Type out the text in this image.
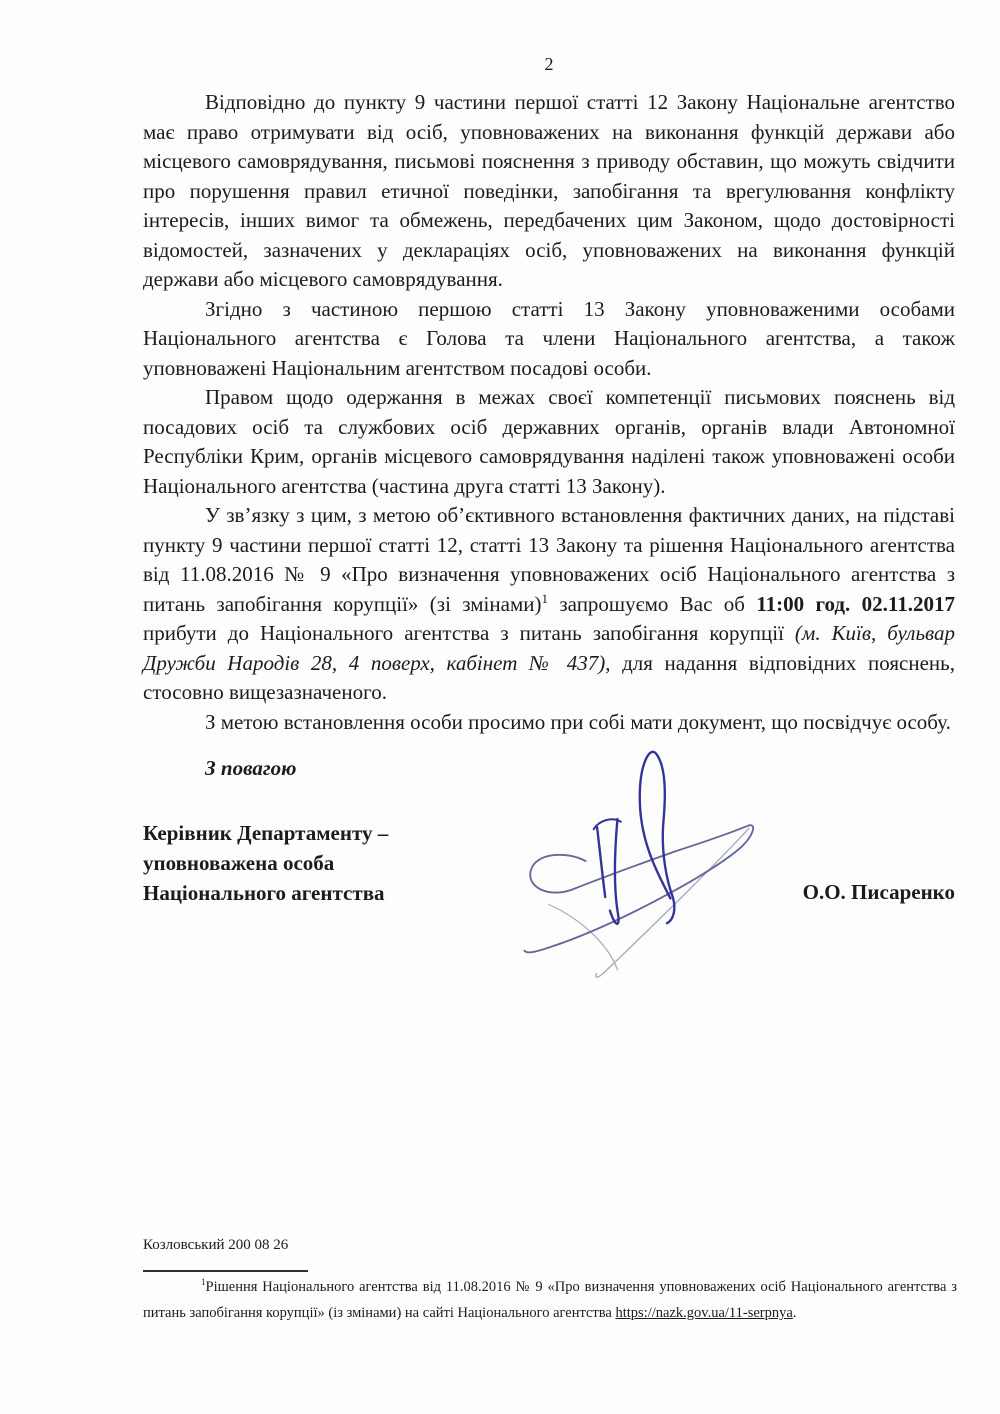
2

Відповідно до пункту 9 частини першої статті 12 Закону Національне агентство має право отримувати від осіб, уповноважених на виконання функцій держави або місцевого самоврядування, письмові пояснення з приводу обставин, що можуть свідчити про порушення правил етичної поведінки, запобігання та врегулювання конфлікту інтересів, інших вимог та обмежень, передбачених цим Законом, щодо достовірності відомостей, зазначених у деклараціях осіб, уповноважених на виконання функцій держави або місцевого самоврядування.

Згідно з частиною першою статті 13 Закону уповноваженими особами Національного агентства є Голова та члени Національного агентства, а також уповноважені Національним агентством посадові особи.

Правом щодо одержання в межах своєї компетенції письмових пояснень від посадових осіб та службових осіб державних органів, органів влади Автономної Республіки Крим, органів місцевого самоврядування наділені також уповноважені особи Національного агентства (частина друга статті 13 Закону).

У зв’язку з цим, з метою об’єктивного встановлення фактичних даних, на підставі пункту 9 частини першої статті 12, статті 13 Закону та рішення Національного агентства від 11.08.2016 № 9 «Про визначення уповноважених осіб Національного агентства з питань запобігання корупції» (зі змінами)$^1$ запрошуємо Вас об 11:00 год. 02.11.2017 прибути до Національного агентства з питань запобігання корупції (м. Київ, бульвар Дружби Народів 28, 4 поверх, кабінет № 437), для надання відповідних пояснень, стосовно вищезазначеного.

З метою встановлення особи просимо при собі мати документ, що посвідчує особу.

З повагою
Керівник Департаменту –
уповноважена особа
Національного агентства	О.О. Писаренко
Козловський 200 08 26
$^1$Рішення Національного агентства від 11.08.2016 № 9 «Про визначення уповноважених осіб Національного агентства з питань запобігання корупції» (із змінами) на сайті Національного агентства https://nazk.gov.ua/11-serpnya.
